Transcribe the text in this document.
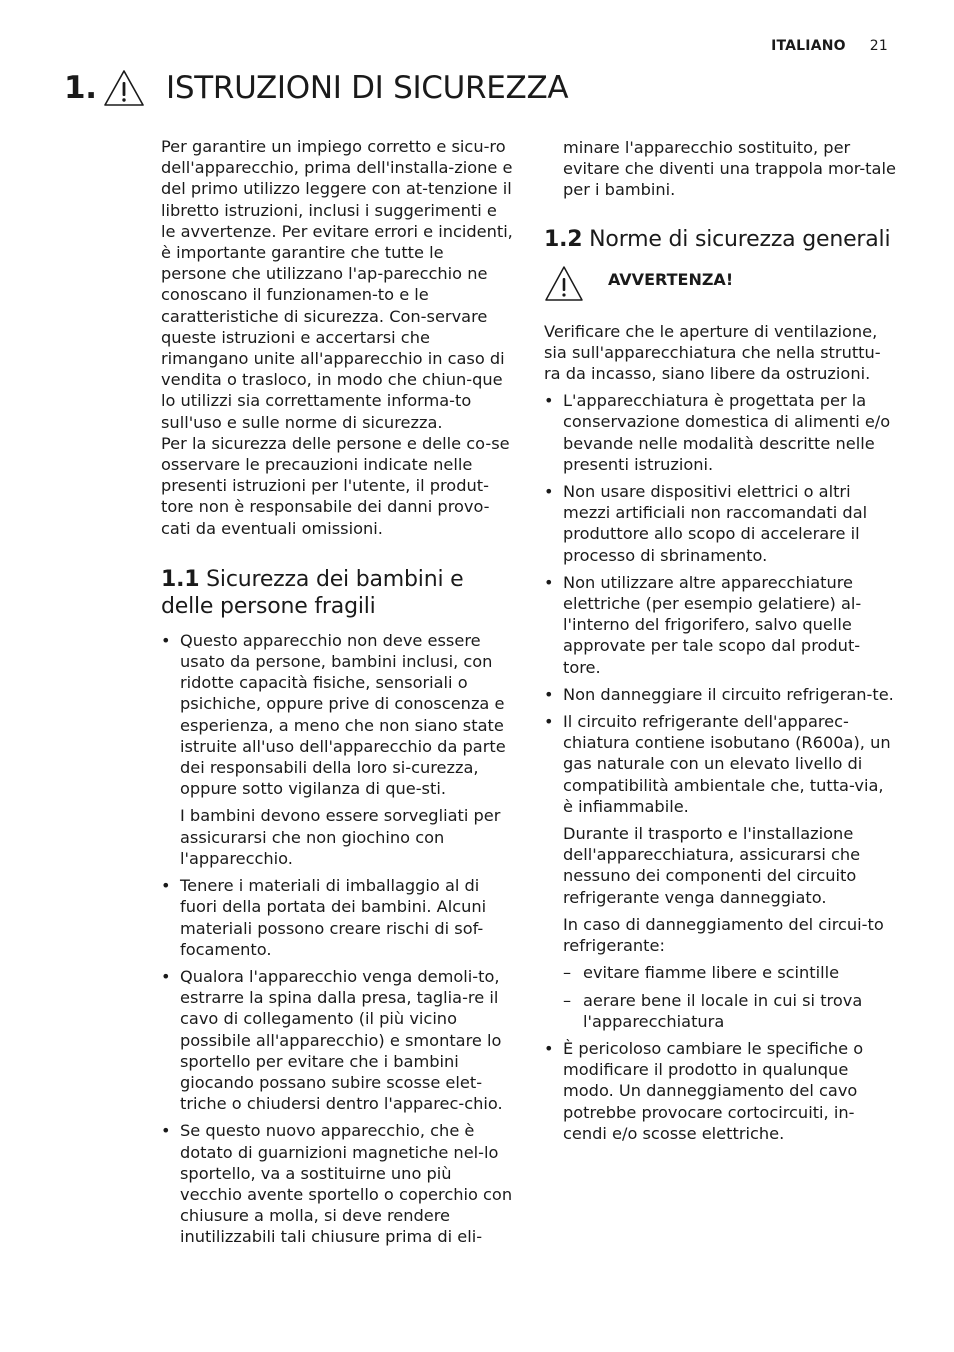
ITALIANO 21
1. ISTRUZIONI DI SICUREZZA

Per garantire un impiego corretto e sicu-ro dell'apparecchio, prima dell'installa-zione e del primo utilizzo leggere con at-tenzione il libretto istruzioni, inclusi i suggerimenti e le avvertenze. Per evitare errori e incidenti, è importante garantire che tutte le persone che utilizzano l'ap-parecchio ne conoscano il funzionamen-to e le caratteristiche di sicurezza. Con-servare queste istruzioni e accertarsi che rimangano unite all'apparecchio in caso di vendita o trasloco, in modo che chiun-que lo utilizzi sia correttamente informa-to sull'uso e sulle norme di sicurezza.

Per la sicurezza delle persone e delle co-se osservare le precauzioni indicate nelle presenti istruzioni per l'utente, il produt-tore non è responsabile dei danni provo-cati da eventuali omissioni.

1.1 Sicurezza dei bambini e delle persone fragili

• Questo apparecchio non deve essere usato da persone, bambini inclusi, con ridotte capacità fisiche, sensoriali o psichiche, oppure prive di conoscenza e esperienza, a meno che non siano state istruite all'uso dell'apparecchio da parte dei responsabili della loro si-curezza, oppure sotto vigilanza di que-sti.

I bambini devono essere sorvegliati per assicurarsi che non giochino con l'apparecchio.

• Tenere i materiali di imballaggio al di fuori della portata dei bambini. Alcuni materiali possono creare rischi di sof-focamento.

• Qualora l'apparecchio venga demoli-to, estrarre la spina dalla presa, taglia-re il cavo di collegamento (il più vicino possibile all'apparecchio) e smontare lo sportello per evitare che i bambini giocando possano subire scosse elet-triche o chiudersi dentro l'apparec-chio.

• Se questo nuovo apparecchio, che è dotato di guarnizioni magnetiche nel-lo sportello, va a sostituirne uno più vecchio avente sportello o coperchio con chiusure a molla, si deve rendere inutilizzabili tali chiusure prima di eli-

minare l'apparecchio sostituito, per evitare che diventi una trappola mor-tale per i bambini.

1.2 Norme di sicurezza generali
AVVERTENZA!

Verificare che le aperture di ventilazione, sia sull'apparecchiatura che nella struttu-ra da incasso, siano libere da ostruzioni.

• L'apparecchiatura è progettata per la conservazione domestica di alimenti e/o bevande nelle modalità descritte nelle presenti istruzioni.

• Non usare dispositivi elettrici o altri mezzi artificiali non raccomandati dal produttore allo scopo di accelerare il processo di sbrinamento.

• Non utilizzare altre apparecchiature elettriche (per esempio gelatiere) al-l'interno del frigorifero, salvo quelle approvate per tale scopo dal produt-tore.

• Non danneggiare il circuito refrigeran-te.

• Il circuito refrigerante dell'apparec-chiatura contiene isobutano (R600a), un gas naturale con un elevato livello di compatibilità ambientale che, tutta-via, è infiammabile.

Durante il trasporto e l'installazione dell'apparecchiatura, assicurarsi che nessuno dei componenti del circuito refrigerante venga danneggiato.

In caso di danneggiamento del circui-to refrigerante:

– evitare fiamme libere e scintille
– aerare bene il locale in cui si trova l'apparecchiatura

• È pericoloso cambiare le specifiche o modificare il prodotto in qualunque modo. Un danneggiamento del cavo potrebbe provocare cortocircuiti, in-cendi e/o scosse elettriche.
